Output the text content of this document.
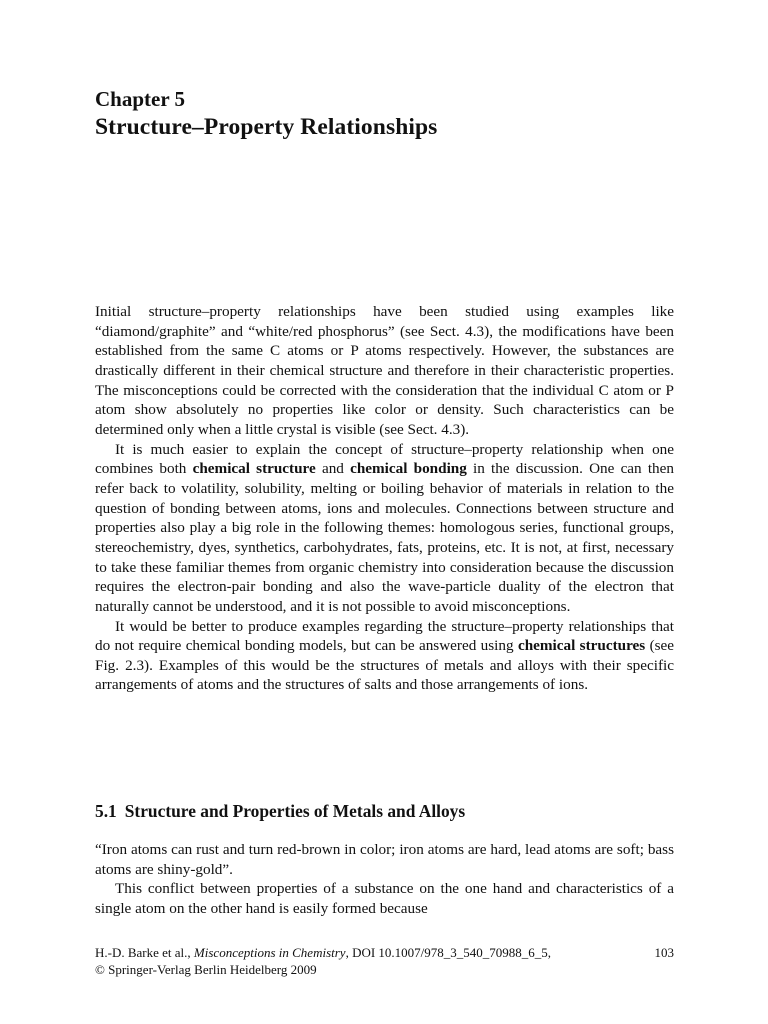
Chapter 5
Structure–Property Relationships

Initial structure–property relationships have been studied using examples like “diamond/graphite” and “white/red phosphorus” (see Sect. 4.3), the modifications have been established from the same C atoms or P atoms respectively. However, the substances are drastically different in their chemical structure and therefore in their characteristic properties. The misconceptions could be corrected with the consideration that the individual C atom or P atom show absolutely no properties like color or density. Such characteristics can be determined only when a little crystal is visible (see Sect. 4.3).

It is much easier to explain the concept of structure–property relationship when one combines both chemical structure and chemical bonding in the discussion. One can then refer back to volatility, solubility, melting or boiling behavior of materials in relation to the question of bonding between atoms, ions and molecules. Connections between structure and properties also play a big role in the following themes: homologous series, functional groups, stereochemistry, dyes, synthetics, carbohydrates, fats, proteins, etc. It is not, at first, necessary to take these familiar themes from organic chemistry into consideration because the discussion requires the electron-pair bonding and also the wave-particle duality of the electron that naturally cannot be understood, and it is not possible to avoid misconceptions.

It would be better to produce examples regarding the structure–property relationships that do not require chemical bonding models, but can be answered using chemical structures (see Fig. 2.3). Examples of this would be the structures of metals and alloys with their specific arrangements of atoms and the structures of salts and those arrangements of ions.

5.1 Structure and Properties of Metals and Alloys

“Iron atoms can rust and turn red-brown in color; iron atoms are hard, lead atoms are soft; bass atoms are shiny-gold”.

This conflict between properties of a substance on the one hand and characteristics of a single atom on the other hand is easily formed because

H.-D. Barke et al., Misconceptions in Chemistry, DOI 10.1007/978_3_540_70988_6_5,	103
© Springer-Verlag Berlin Heidelberg 2009
